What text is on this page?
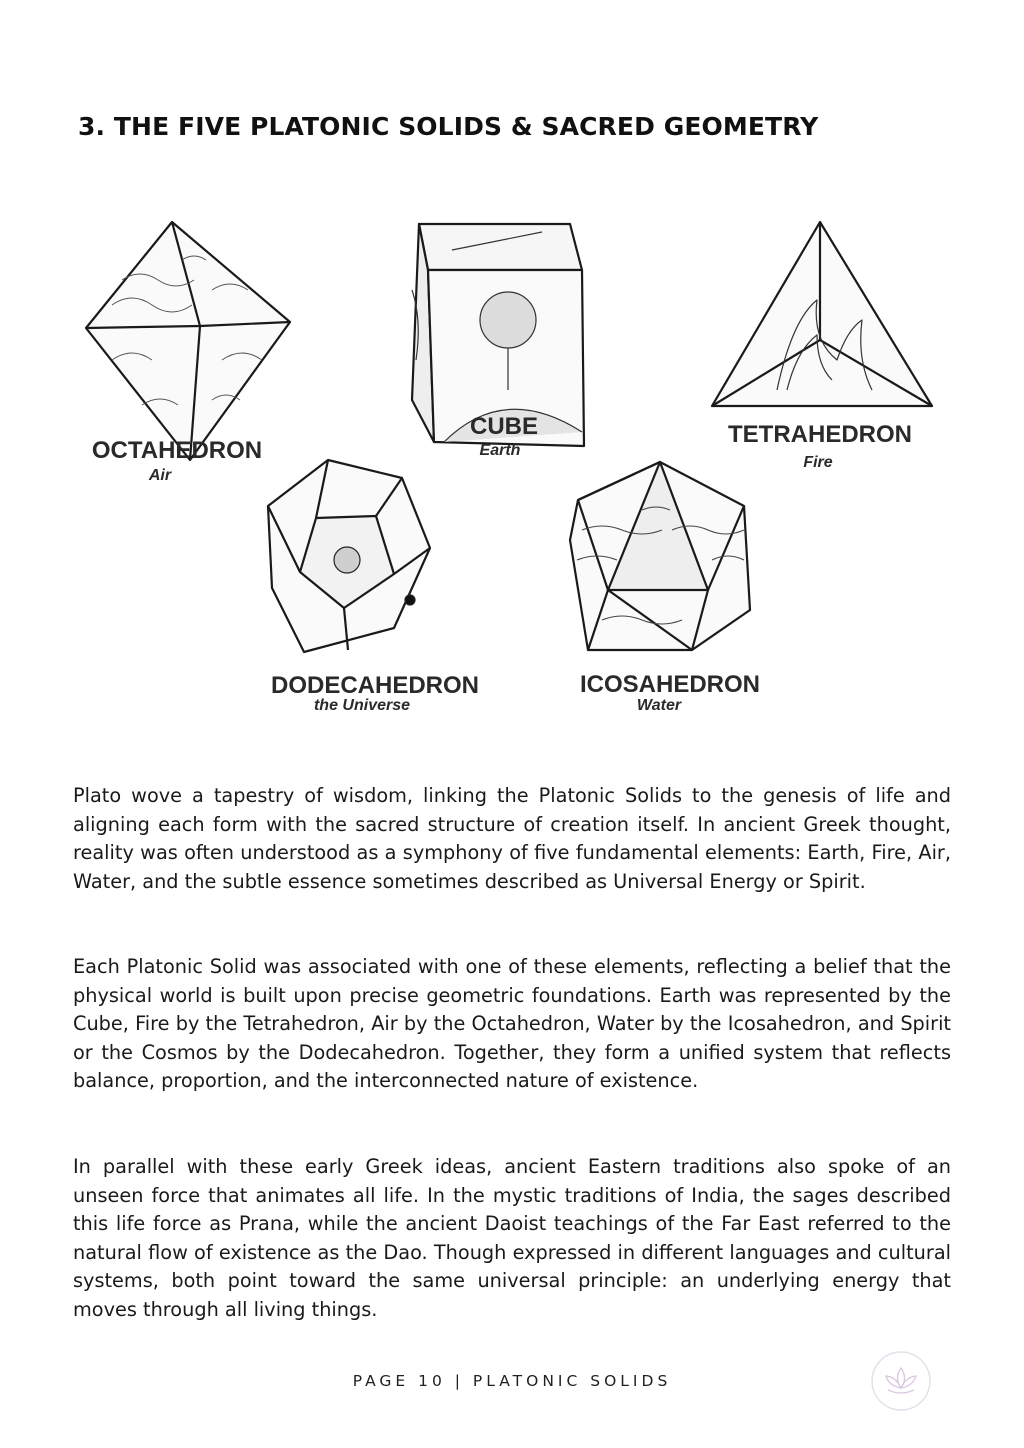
3. THE FIVE PLATONIC SOLIDS & SACRED GEOMETRY
OCTAHEDRON
Air
CUBE
Earth
TETRAHEDRON
Fire
DODECAHEDRON
the Universe
ICOSAHEDRON
Water

Plato wove a tapestry of wisdom, linking the Platonic Solids to the genesis of life and aligning each form with the sacred structure of creation itself. In ancient Greek thought, reality was often understood as a symphony of five fundamental elements: Earth, Fire, Air, Water, and the subtle essence sometimes described as Universal Energy or Spirit.

Each Platonic Solid was associated with one of these elements, reflecting a belief that the physical world is built upon precise geometric foundations. Earth was represented by the Cube, Fire by the Tetrahedron, Air by the Octahedron, Water by the Icosahedron, and Spirit or the Cosmos by the Dodecahedron. Together, they form a unified system that reflects balance, proportion, and the interconnected nature of existence.

In parallel with these early Greek ideas, ancient Eastern traditions also spoke of an unseen force that animates all life. In the mystic traditions of India, the sages described this life force as Prana, while the ancient Daoist teachings of the Far East referred to the natural flow of existence as the Dao. Though expressed in different languages and cultural systems, both point toward the same universal principle: an underlying energy that moves through all living things.

PAGE 10 | PLATONIC SOLIDS
